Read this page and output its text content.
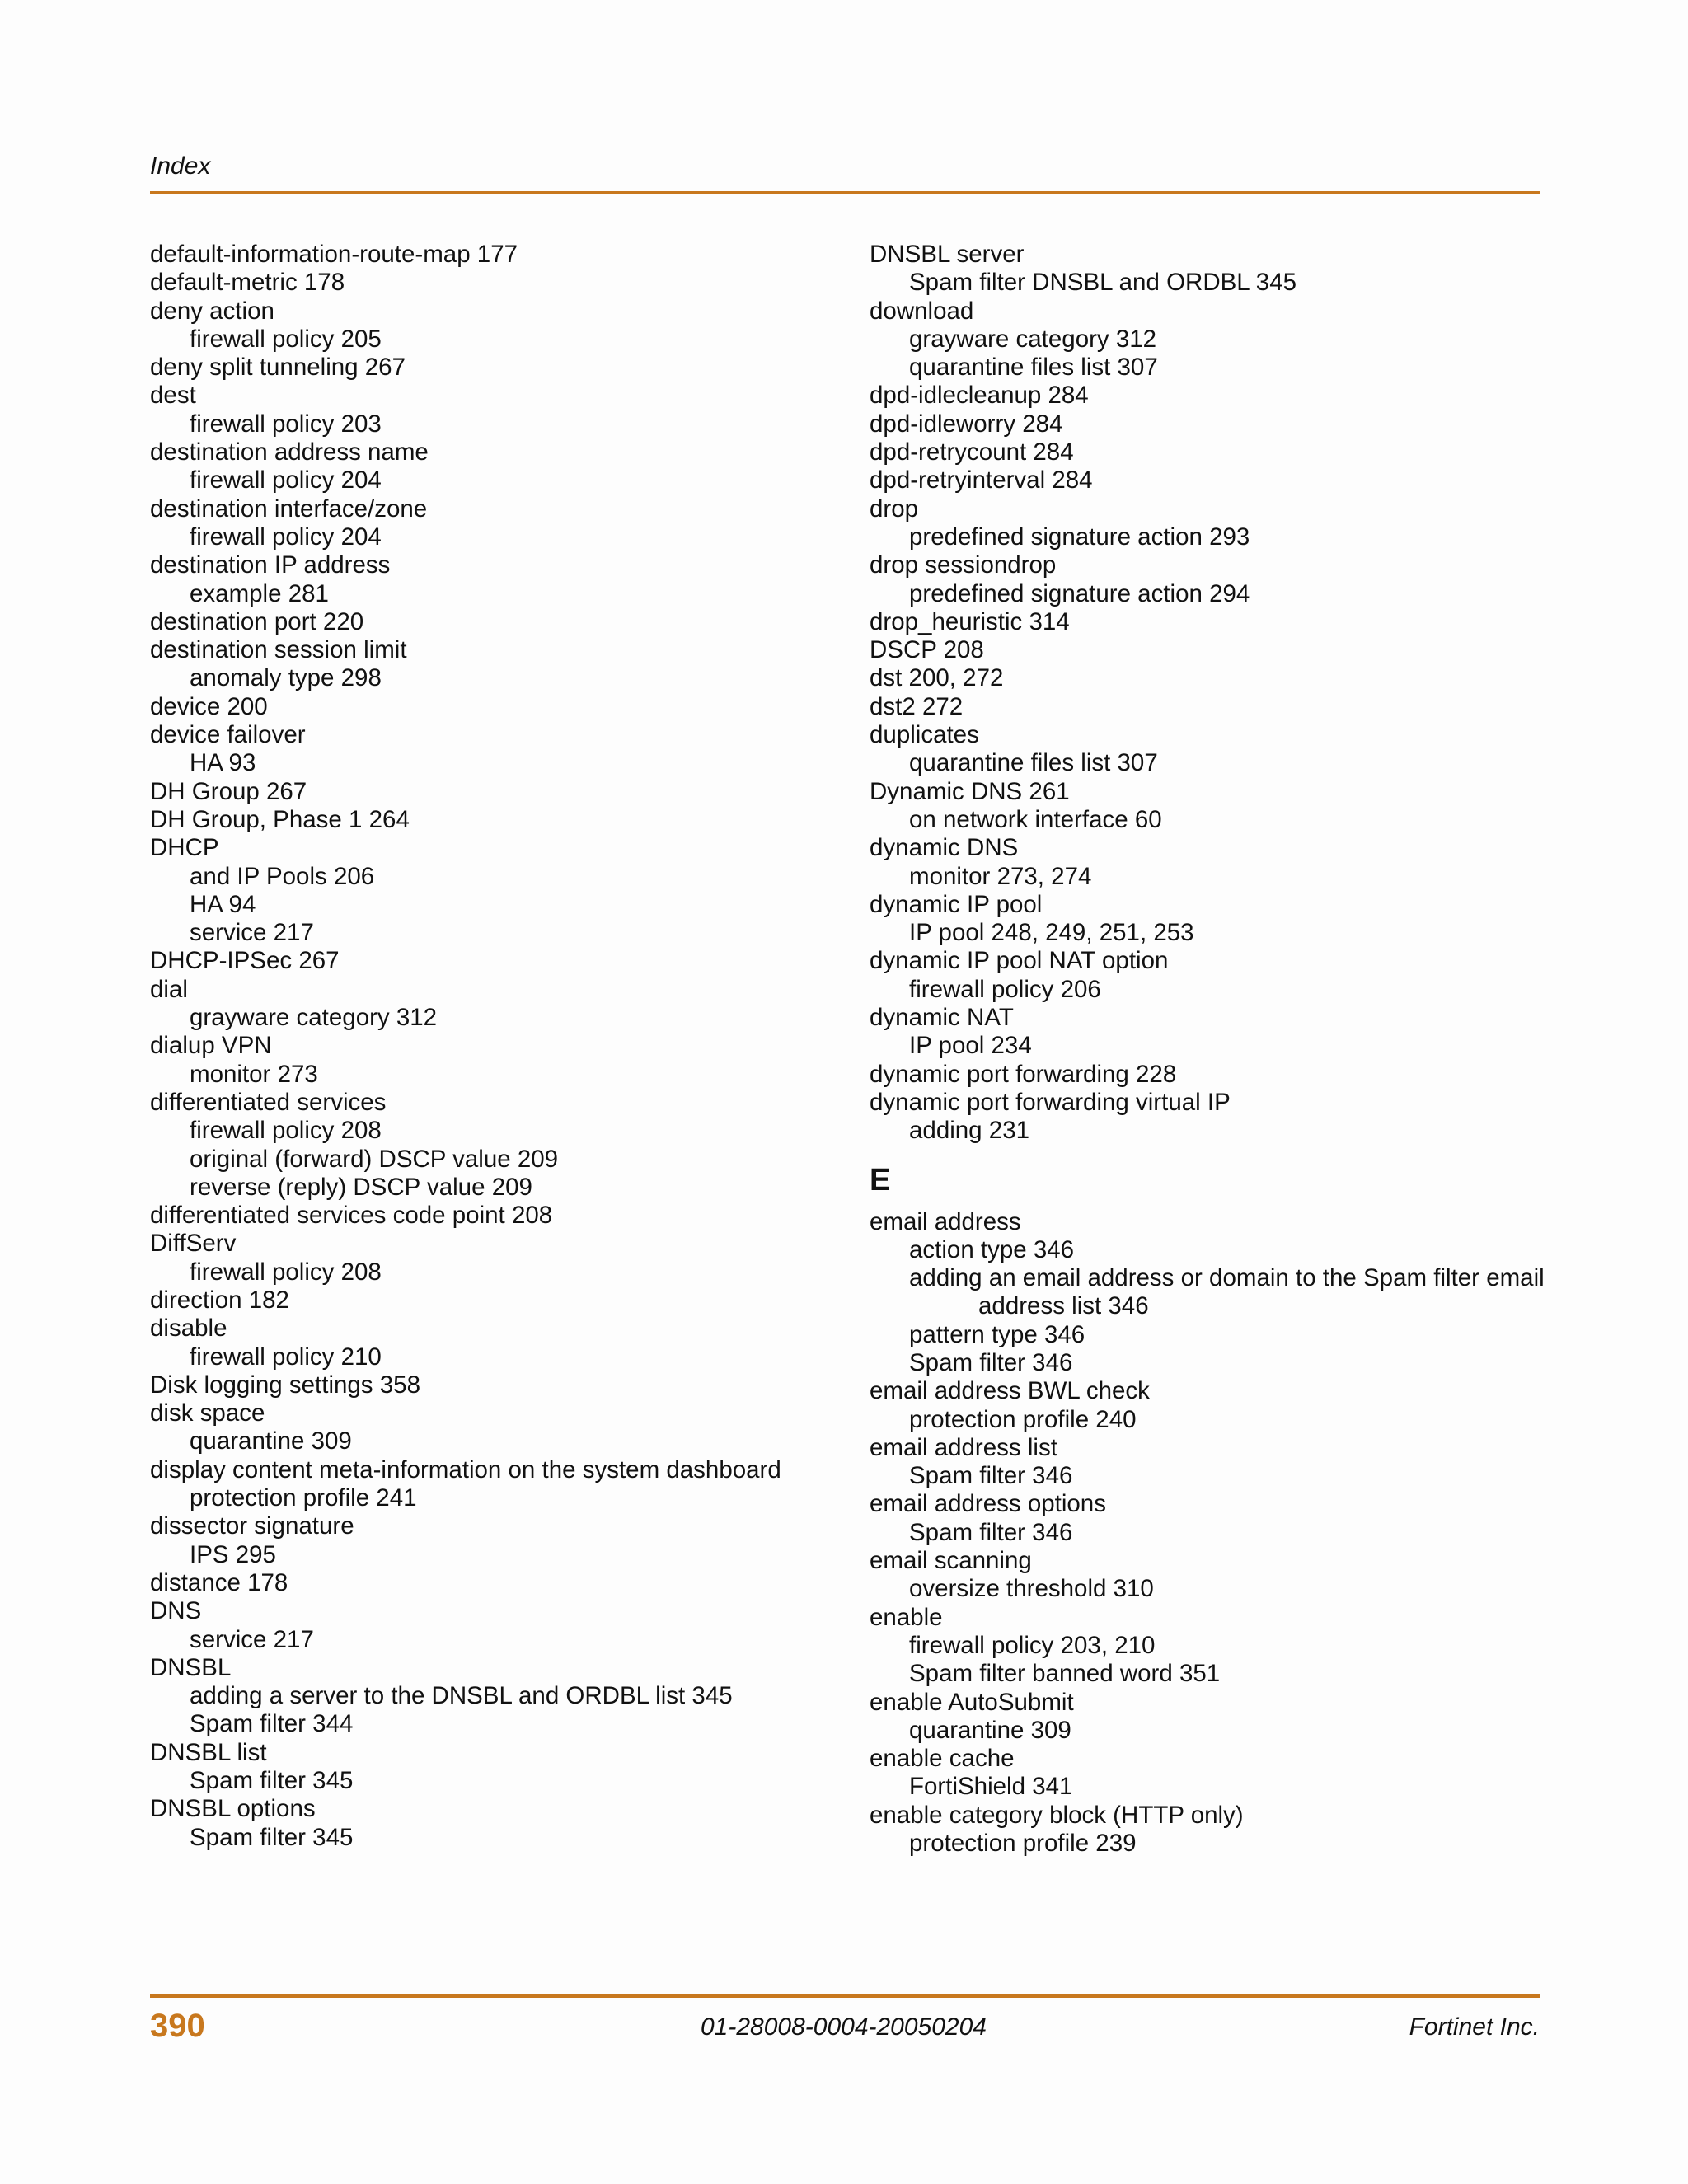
Index
default-information-route-map 177
default-metric 178
deny action
firewall policy 205
deny split tunneling 267
dest
firewall policy 203
destination address name
firewall policy 204
destination interface/zone
firewall policy 204
destination IP address
example 281
destination port 220
destination session limit
anomaly type 298
device 200
device failover
HA 93
DH Group 267
DH Group, Phase 1 264
DHCP
and IP Pools 206
HA 94
service 217
DHCP-IPSec 267
dial
grayware category 312
dialup VPN
monitor 273
differentiated services
firewall policy 208
original (forward) DSCP value 209
reverse (reply) DSCP value 209
differentiated services code point 208
DiffServ
firewall policy 208
direction 182
disable
firewall policy 210
Disk logging settings 358
disk space
quarantine 309
display content meta-information on the system dashboard
protection profile 241
dissector signature
IPS 295
distance 178
DNS
service 217
DNSBL
adding a server to the DNSBL and ORDBL list 345
Spam filter 344
DNSBL list
Spam filter 345
DNSBL options
Spam filter 345
DNSBL server
Spam filter DNSBL and ORDBL 345
download
grayware category 312
quarantine files list 307
dpd-idlecleanup 284
dpd-idleworry 284
dpd-retrycount 284
dpd-retryinterval 284
drop
predefined signature action 293
drop sessiondrop
predefined signature action 294
drop_heuristic 314
DSCP 208
dst 200, 272
dst2 272
duplicates
quarantine files list 307
Dynamic DNS 261
on network interface 60
dynamic DNS
monitor 273, 274
dynamic IP pool
IP pool 248, 249, 251, 253
dynamic IP pool NAT option
firewall policy 206
dynamic NAT
IP pool 234
dynamic port forwarding 228
dynamic port forwarding virtual IP
adding 231
E
email address
action type 346
adding an email address or domain to the Spam filter email
address list 346
pattern type 346
Spam filter 346
email address BWL check
protection profile 240
email address list
Spam filter 346
email address options
Spam filter 346
email scanning
oversize threshold 310
enable
firewall policy 203, 210
Spam filter banned word 351
enable AutoSubmit
quarantine 309
enable cache
FortiShield 341
enable category block (HTTP only)
protection profile 239
390	01-28008-0004-20050204	Fortinet Inc.
